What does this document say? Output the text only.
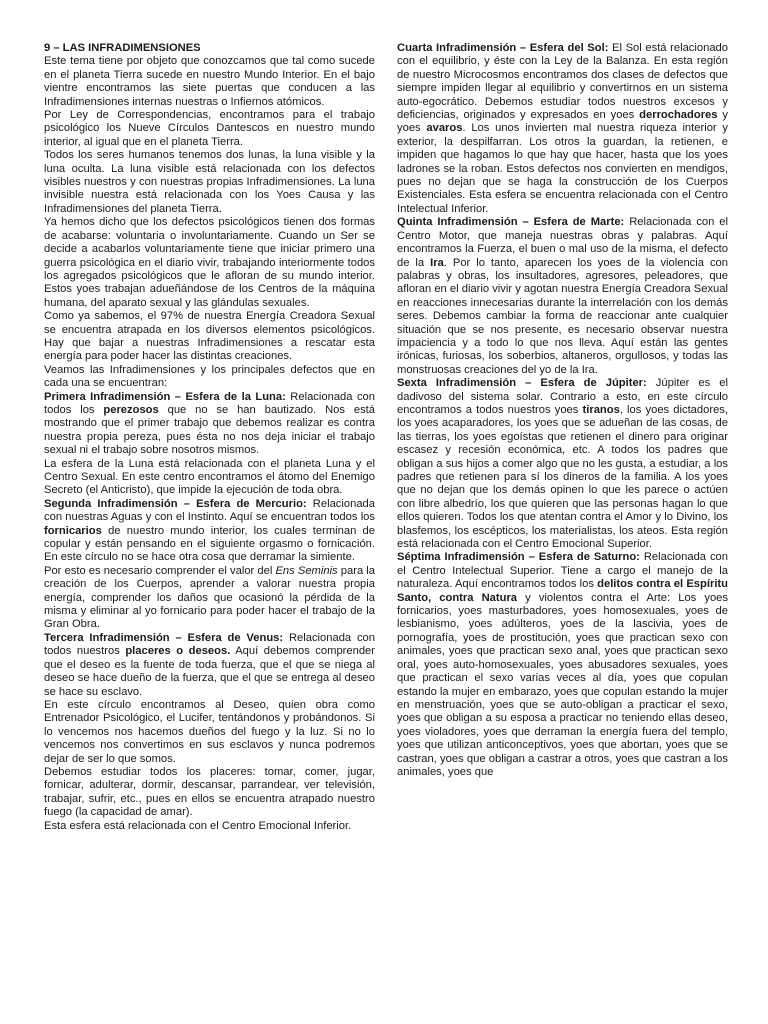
9 – LAS INFRADIMENSIONES

Este tema tiene por objeto que conozcamos que tal como sucede en el planeta Tierra sucede en nuestro Mundo Interior. En el bajo vientre encontramos las siete puertas que conducen a las Infradimensiones internas nuestras o Infiernos atómicos.

Por Ley de Correspondencias, encontramos para el trabajo psicológico los Nueve Círculos Dantescos en nuestro mundo interior, al igual que en el planeta Tierra.

Todos los seres humanos tenemos dos lunas, la luna visible y la luna oculta. La luna visible está relacionada con los defectos visibles nuestros y con nuestras propias Infradimensiones. La luna invisible nuestra está relacionada con los Yoes Causa y las Infradimensiones del planeta Tierra.

Ya hemos dicho que los defectos psicológicos tienen dos formas de acabarse: voluntaria o involuntariamente. Cuando un Ser se decide a acabarlos voluntariamente tiene que iniciar primero una guerra psicológica en el diario vivir, trabajando interiormente todos los agregados psicológicos que le afloran de su mundo interior. Estos yoes trabajan adueñándose de los Centros de la máquina humana, del aparato sexual y las glándulas sexuales.

Como ya sabemos, el 97% de nuestra Energía Creadora Sexual se encuentra atrapada en los diversos elementos psicológicos. Hay que bajar a nuestras Infradimensiones a rescatar esta energía para poder hacer las distintas creaciones.

Veamos las Infradimensiones y los principales defectos que en cada una se encuentran:

Primera Infradimensión – Esfera de la Luna: Relacionada con todos los perezosos que no se han bautizado. Nos está mostrando que el primer trabajo que debemos realizar es contra nuestra propia pereza, pues ésta no nos deja iniciar el trabajo sexual ni el trabajo sobre nosotros mismos.

La esfera de la Luna está relacionada con el planeta Luna y el Centro Sexual. En este centro encontramos el átomo del Enemigo Secreto (el Anticristo), que impide la ejecución de toda obra.

Segunda Infradimensión – Esfera de Mercurio: Relacionada con nuestras Aguas y con el Instinto. Aquí se encuentran todos los fornicarios de nuestro mundo interior, los cuales terminan de copular y están pensando en el siguiente orgasmo o fornicación. En este círculo no se hace otra cosa que derramar la simiente.

Por esto es necesario comprender el valor del Ens Seminis para la creación de los Cuerpos, aprender a valorar nuestra propia energía, comprender los daños que ocasionó la pérdida de la misma y eliminar al yo fornicario para poder hacer el trabajo de la Gran Obra.

Tercera Infradimensión – Esfera de Venus: Relacionada con todos nuestros placeres o deseos. Aquí debemos comprender que el deseo es la fuente de toda fuerza, que el que se niega al deseo se hace dueño de la fuerza, que el que se entrega al deseo se hace su esclavo.

En este círculo encontramos al Deseo, quien obra como Entrenador Psicológico, el Lucifer, tentándonos y probándonos. Si lo vencemos nos hacemos dueños del fuego y la luz. Si no lo vencemos nos convertimos en sus esclavos y nunca podremos dejar de ser lo que somos.

Debemos estudiar todos los placeres: tomar, comer, jugar, fornicar, adulterar, dormir, descansar, parrandear, ver televisión, trabajar, sufrir, etc., pues en ellos se encuentra atrapado nuestro fuego (la capacidad de amar).

Esta esfera está relacionada con el Centro Emocional Inferior.

Cuarta Infradimensión – Esfera del Sol: El Sol está relacionado con el equilibrio, y éste con la Ley de la Balanza. En esta región de nuestro Microcosmos encontramos dos clases de defectos que siempre impiden llegar al equilibrio y convertirnos en un sistema auto-egocrático. Debemos estudiar todos nuestros excesos y deficiencias, originados y expresados en yoes derrochadores y yoes avaros. Los unos invierten mal nuestra riqueza interior y exterior, la despilfarran. Los otros la guardan, la retienen, e impiden que hagamos lo que hay que hacer, hasta que los yoes ladrones se la roban. Estos defectos nos convierten en mendigos, pues no dejan que se haga la construcción de los Cuerpos Existenciales. Esta esfera se encuentra relacionada con el Centro Intelectual Inferior.

Quinta Infradimensión – Esfera de Marte: Relacionada con el Centro Motor, que maneja nuestras obras y palabras. Aquí encontramos la Fuerza, el buen o mal uso de la misma, el defecto de la Ira. Por lo tanto, aparecen los yoes de la violencia con palabras y obras, los insultadores, agresores, peleadores, que afloran en el diario vivir y agotan nuestra Energía Creadora Sexual en reacciones innecesarias durante la interrelación con los demás seres. Debemos cambiar la forma de reaccionar ante cualquier situación que se nos presente, es necesario observar nuestra impaciencia y a todo lo que nos lleva. Aquí están las gentes irónicas, furiosas, los soberbios, altaneros, orgullosos, y todas las monstruosas creaciones del yo de la Ira.

Sexta Infradimensión – Esfera de Júpiter: Júpiter es el dadivoso del sistema solar. Contrario a esto, en este círculo encontramos a todos nuestros yoes tiranos, los yoes dictadores, los yoes acaparadores, los yoes que se adueñan de las cosas, de las tierras, los yoes egoístas que retienen el dinero para originar escasez y recesión económica, etc. A todos los padres que obligan a sus hijos a comer algo que no les gusta, a estudiar, a los padres que retienen para sí los dineros de la familia. A los yoes que no dejan que los demás opinen lo que les parece o actúen con libre albedrío, los que quieren que las personas hagan lo que ellos quieren. Todos los que atentan contra el Amor y lo Divino, los blasfemos, los escépticos, los materialistas, los ateos. Esta región está relacionada con el Centro Emocional Superior.

Séptima Infradimensión – Esfera de Saturno: Relacionada con el Centro Intelectual Superior. Tiene a cargo el manejo de la naturaleza. Aquí encontramos todos los delitos contra el Espíritu Santo, contra Natura y violentos contra el Arte: Los yoes fornicarios, yoes masturbadores, yoes homosexuales, yoes de lesbianismo, yoes adúlteros, yoes de la lascivia, yoes de pornografía, yoes de prostitución, yoes que practican sexo con animales, yoes que practican sexo anal, yoes que practican sexo oral, yoes auto-homosexuales, yoes abusadores sexuales, yoes que practican el sexo varias veces al día, yoes que copulan estando la mujer en embarazo, yoes que copulan estando la mujer en menstruación, yoes que se auto-obligan a practicar el sexo, yoes que obligan a su esposa a practicar no teniendo ellas deseo, yoes violadores, yoes que derraman la energía fuera del templo, yoes que utilizan anticonceptivos, yoes que abortan, yoes que se castran, yoes que obligan a castrar a otros, yoes que castran a los animales, yoes que
